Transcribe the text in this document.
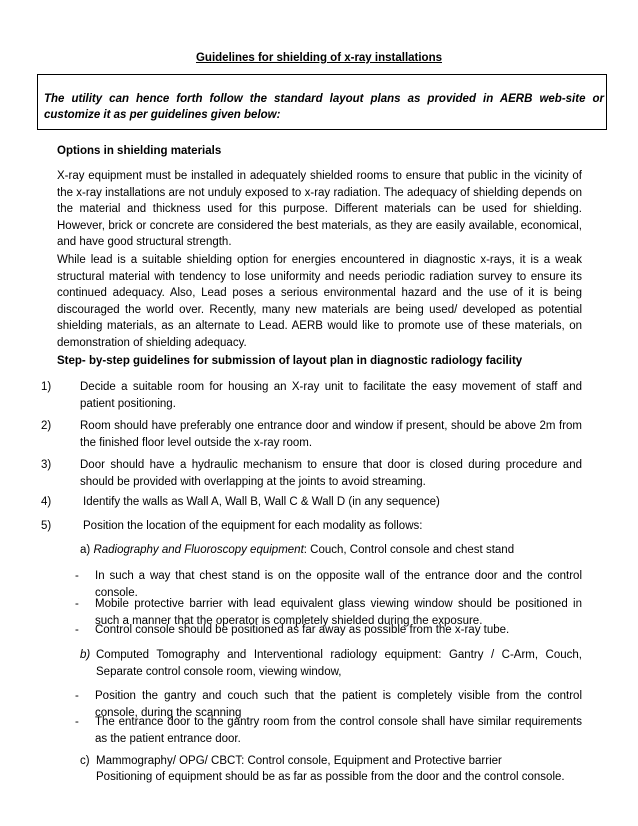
Guidelines for shielding of x-ray installations

The utility can hence forth follow the standard layout plans as provided in AERB web-site or customize it as per guidelines given below:

Options in shielding materials

X-ray equipment must be installed in adequately shielded rooms to ensure that public in the vicinity of the x-ray installations are not unduly exposed to x-ray radiation. The adequacy of shielding depends on the material and thickness used for this purpose. Different materials can be used for shielding. However, brick or concrete are considered the best materials, as they are easily available, economical, and have good structural strength.

While lead is a suitable shielding option for energies encountered in diagnostic x-rays, it is a weak structural material with tendency to lose uniformity and needs periodic radiation survey to ensure its continued adequacy. Also, Lead poses a serious environmental hazard and the use of it is being discouraged the world over. Recently, many new materials are being used/ developed as potential shielding materials, as an alternate to Lead. AERB would like to promote use of these materials, on demonstration of shielding adequacy.

Step- by-step guidelines for submission of layout plan in diagnostic radiology facility

1)	Decide a suitable room for housing an X-ray unit to facilitate the easy movement of staff and patient positioning.

2)	Room should have preferably one entrance door and window if present, should be above 2m from the finished floor level outside the x-ray room.

3)	Door should have a hydraulic mechanism to ensure that door is closed during procedure and should be provided with overlapping at the joints to avoid streaming.

4)	Identify the walls as Wall A, Wall B, Wall C & Wall D (in any sequence)

5)	Position the location of the equipment for each modality as follows:

a) Radiography and Fluoroscopy equipment: Couch, Control console and chest stand

- In such a way that chest stand is on the opposite wall of the entrance door and the control console.

- Mobile protective barrier with lead equivalent glass viewing window should be positioned in such a manner that the operator is completely shielded during the exposure.

- Control console should be positioned as far away as possible from the x-ray tube.

b) Computed Tomography and Interventional radiology equipment: Gantry / C-Arm, Couch, Separate control console room, viewing window,

- Position the gantry and couch such that the patient is completely visible from the control console, during the scanning

- The entrance door to the gantry room from the control console shall have similar requirements as the patient entrance door.

c) Mammography/ OPG/ CBCT: Control console, Equipment and Protective barrier

Positioning of equipment should be as far as possible from the door and the control console.
